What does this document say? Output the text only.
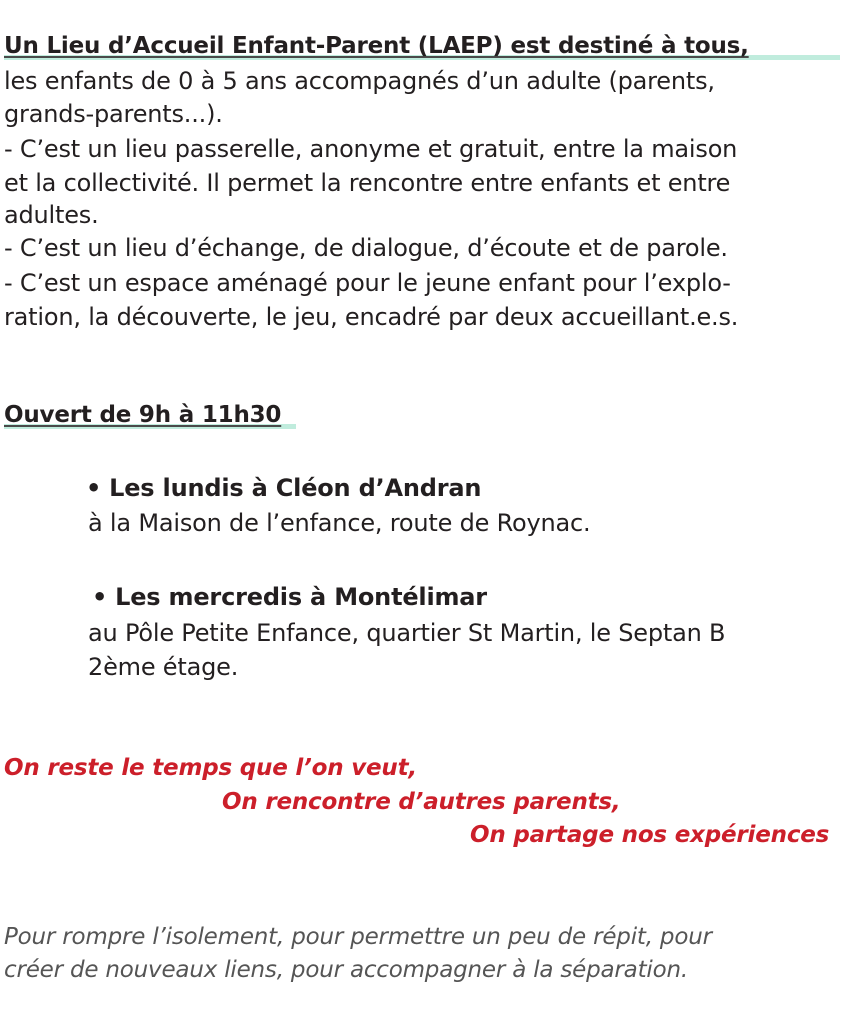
Un Lieu d’Accueil Enfant-Parent (LAEP) est destiné à tous,
les enfants de 0 à 5 ans accompagnés d’un adulte (parents,
grands-parents...).
- C’est un lieu passerelle, anonyme et gratuit, entre la maison
et la collectivité. Il permet la rencontre entre enfants et entre
adultes.
- C’est un lieu d’échange, de dialogue, d’écoute et de parole.
- C’est un espace aménagé pour le jeune enfant pour l’explo-
ration, la découverte, le jeu, encadré par deux accueillant.e.s.
Ouvert de 9h à 11h30
• Les lundis à Cléon d’Andran
à la Maison de l’enfance, route de Roynac.
• Les mercredis à Montélimar
au Pôle Petite Enfance, quartier St Martin, le Septan B
2ème étage.
On reste le temps que l’on veut,
On rencontre d’autres parents,
On partage nos expériences
Pour rompre l’isolement, pour permettre un peu de répit, pour
créer de nouveaux liens, pour accompagner à la séparation.
